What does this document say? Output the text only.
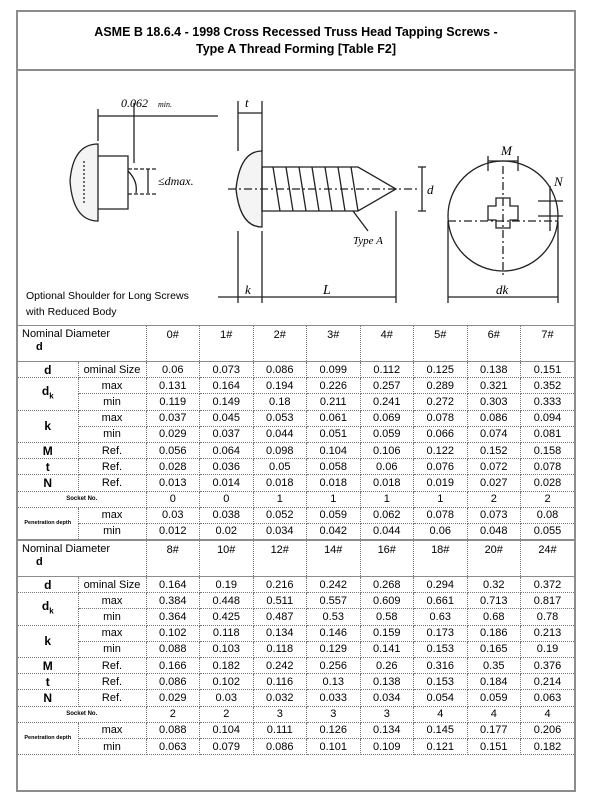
ASME B 18.6.4 - 1998 Cross Recessed Truss Head Tapping Screws -
Type A Thread Forming [Table F2]
0.062 min.
≤dmax.
t
M
N
d
Type A
k	L	dk
Optional Shoulder for Long Screws
with Reduced Body
Nominal Diameter
d		0#	1#	2#	3#	4#	5#	6#	7#
d	ominal Size	0.06	0.073	0.086	0.099	0.112	0.125	0.138	0.151
$d_k$	max	0.131	0.164	0.194	0.226	0.257	0.289	0.321	0.352
	min	0.119	0.149	0.18	0.211	0.241	0.272	0.303	0.333
k	max	0.037	0.045	0.053	0.061	0.069	0.078	0.086	0.094
	min	0.029	0.037	0.044	0.051	0.059	0.066	0.074	0.081
M	Ref.	0.056	0.064	0.098	0.104	0.106	0.122	0.152	0.158
t	Ref.	0.028	0.036	0.05	0.058	0.06	0.076	0.072	0.078
N	Ref.	0.013	0.014	0.018	0.018	0.018	0.019	0.027	0.028
Socket No.		0	0	1	1	1	1	2	2
Penetration depth	max	0.03	0.038	0.052	0.059	0.062	0.078	0.073	0.08
	min	0.012	0.02	0.034	0.042	0.044	0.06	0.048	0.055
Nominal Diameter
d		8#	10#	12#	14#	16#	18#	20#	24#
d	ominal Size	0.164	0.19	0.216	0.242	0.268	0.294	0.32	0.372
$d_k$	max	0.384	0.448	0.511	0.557	0.609	0.661	0.713	0.817
	min	0.364	0.425	0.487	0.53	0.58	0.63	0.68	0.78
k	max	0.102	0.118	0.134	0.146	0.159	0.173	0.186	0.213
	min	0.088	0.103	0.118	0.129	0.141	0.153	0.165	0.19
M	Ref.	0.166	0.182	0.242	0.256	0.26	0.316	0.35	0.376
t	Ref.	0.086	0.102	0.116	0.13	0.138	0.153	0.184	0.214
N	Ref.	0.029	0.03	0.032	0.033	0.034	0.054	0.059	0.063
Socket No.		2	2	3	3	3	4	4	4
Penetration depth	max	0.088	0.104	0.111	0.126	0.134	0.145	0.177	0.206
	min	0.063	0.079	0.086	0.101	0.109	0.121	0.151	0.182
